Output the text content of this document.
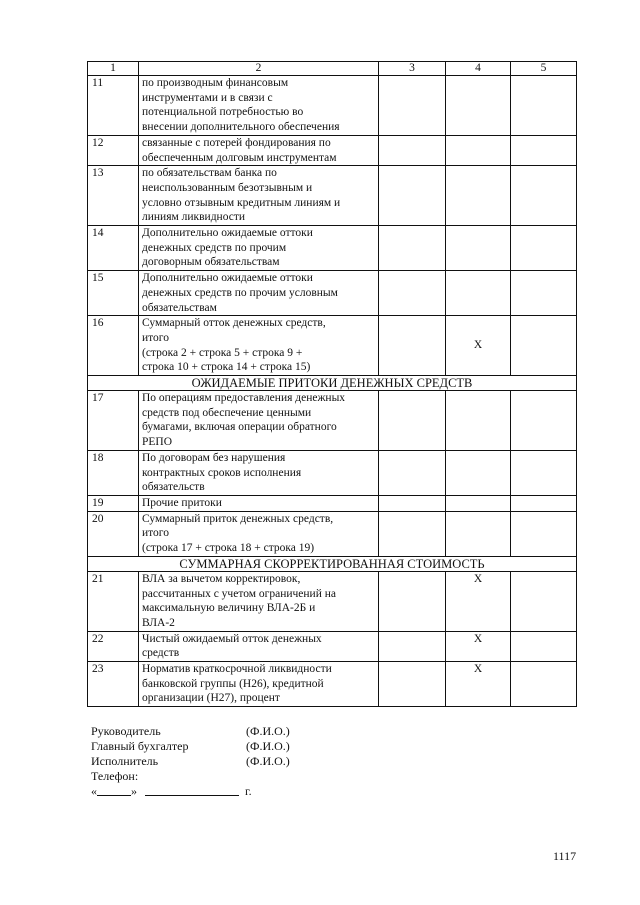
1	2	3	4	5
11	по производным финансовым
инструментами и в связи с
потенциальной потребностью во
внесении дополнительного обеспечения			

12	связанные с потерей фондирования по
обеспеченным долговым инструментам			

13	по обязательствам банка по
неиспользованным безотзывным и
условно отзывным кредитным линиям и
линиям ликвидности			

14	Дополнительно ожидаемые оттоки
денежных средств по прочим
договорным обязательствам			

15	Дополнительно ожидаемые оттоки
денежных средств по прочим условным
обязательствам			

16	Суммарный отток денежных средств,
итого
(строка 2 + строка 5 + строка 9 +
строка 10 + строка 14 + строка 15)		X	
ОЖИДАЕМЫЕ ПРИТОКИ ДЕНЕЖНЫХ СРЕДСТВ				
17	По операциям предоставления денежных
средств под обеспечение ценными
бумагами, включая операции обратного
РЕПО			

18	По договорам без нарушения
контрактных сроков исполнения
обязательств			

19	Прочие притоки			

20	Суммарный приток денежных средств,
итого
(строка 17 + строка 18 + строка 19)			

СУММАРНАЯ СКОРРЕКТИРОВАННАЯ СТОИМОСТЬ				
21	ВЛА за вычетом корректировок,
рассчитанных с учетом ограничений на
максимальную величину ВЛА-2Б и
ВЛА-2		X	
22	Чистый ожидаемый отток денежных
средств		X	
23	Норматив краткосрочной ликвидности
банковской группы (Н26), кредитной
организации (Н27), процент		X	
Руководитель	(Ф.И.О.)
Главный бухгалтер	(Ф.И.О.)
Исполнитель	(Ф.И.О.)
Телефон:
«	»	г.
1117
